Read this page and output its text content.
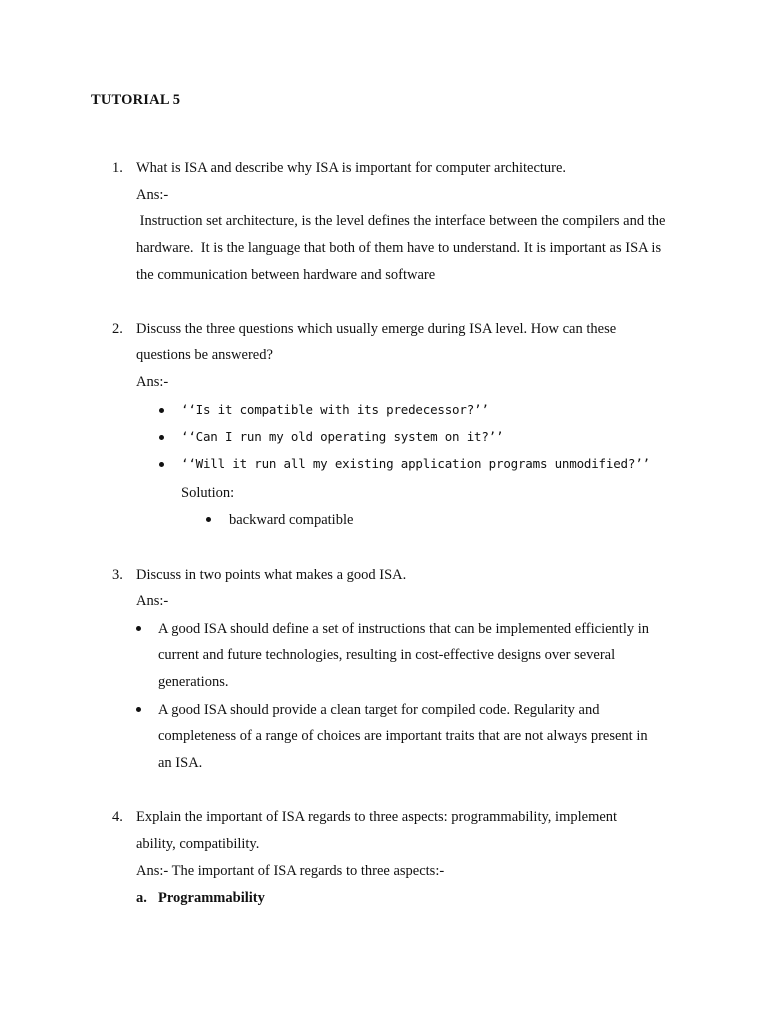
TUTORIAL 5
1. What is ISA and describe why ISA is important for computer architecture.
Ans:-
Instruction set architecture, is the level defines the interface between the compilers and the
hardware.  It is the language that both of them have to understand. It is important as ISA is
the communication between hardware and software
2. Discuss the three questions which usually emerge during ISA level. How can these
questions be answered?
Ans:-
‘‘Is it compatible with its predecessor?’’
‘‘Can I run my old operating system on it?’’
‘‘Will it run all my existing application programs unmodified?’’
Solution:
backward compatible
3. Discuss in two points what makes a good ISA.
Ans:-
A good ISA should define a set of instructions that can be implemented efficiently in
current and future technologies, resulting in cost-effective designs over several
generations.
A good ISA should provide a clean target for compiled code. Regularity and
completeness of a range of choices are important traits that are not always present in
an ISA.
4. Explain the important of ISA regards to three aspects: programmability, implement
ability, compatibility.
Ans:- The important of ISA regards to three aspects:-
a. Programmability
